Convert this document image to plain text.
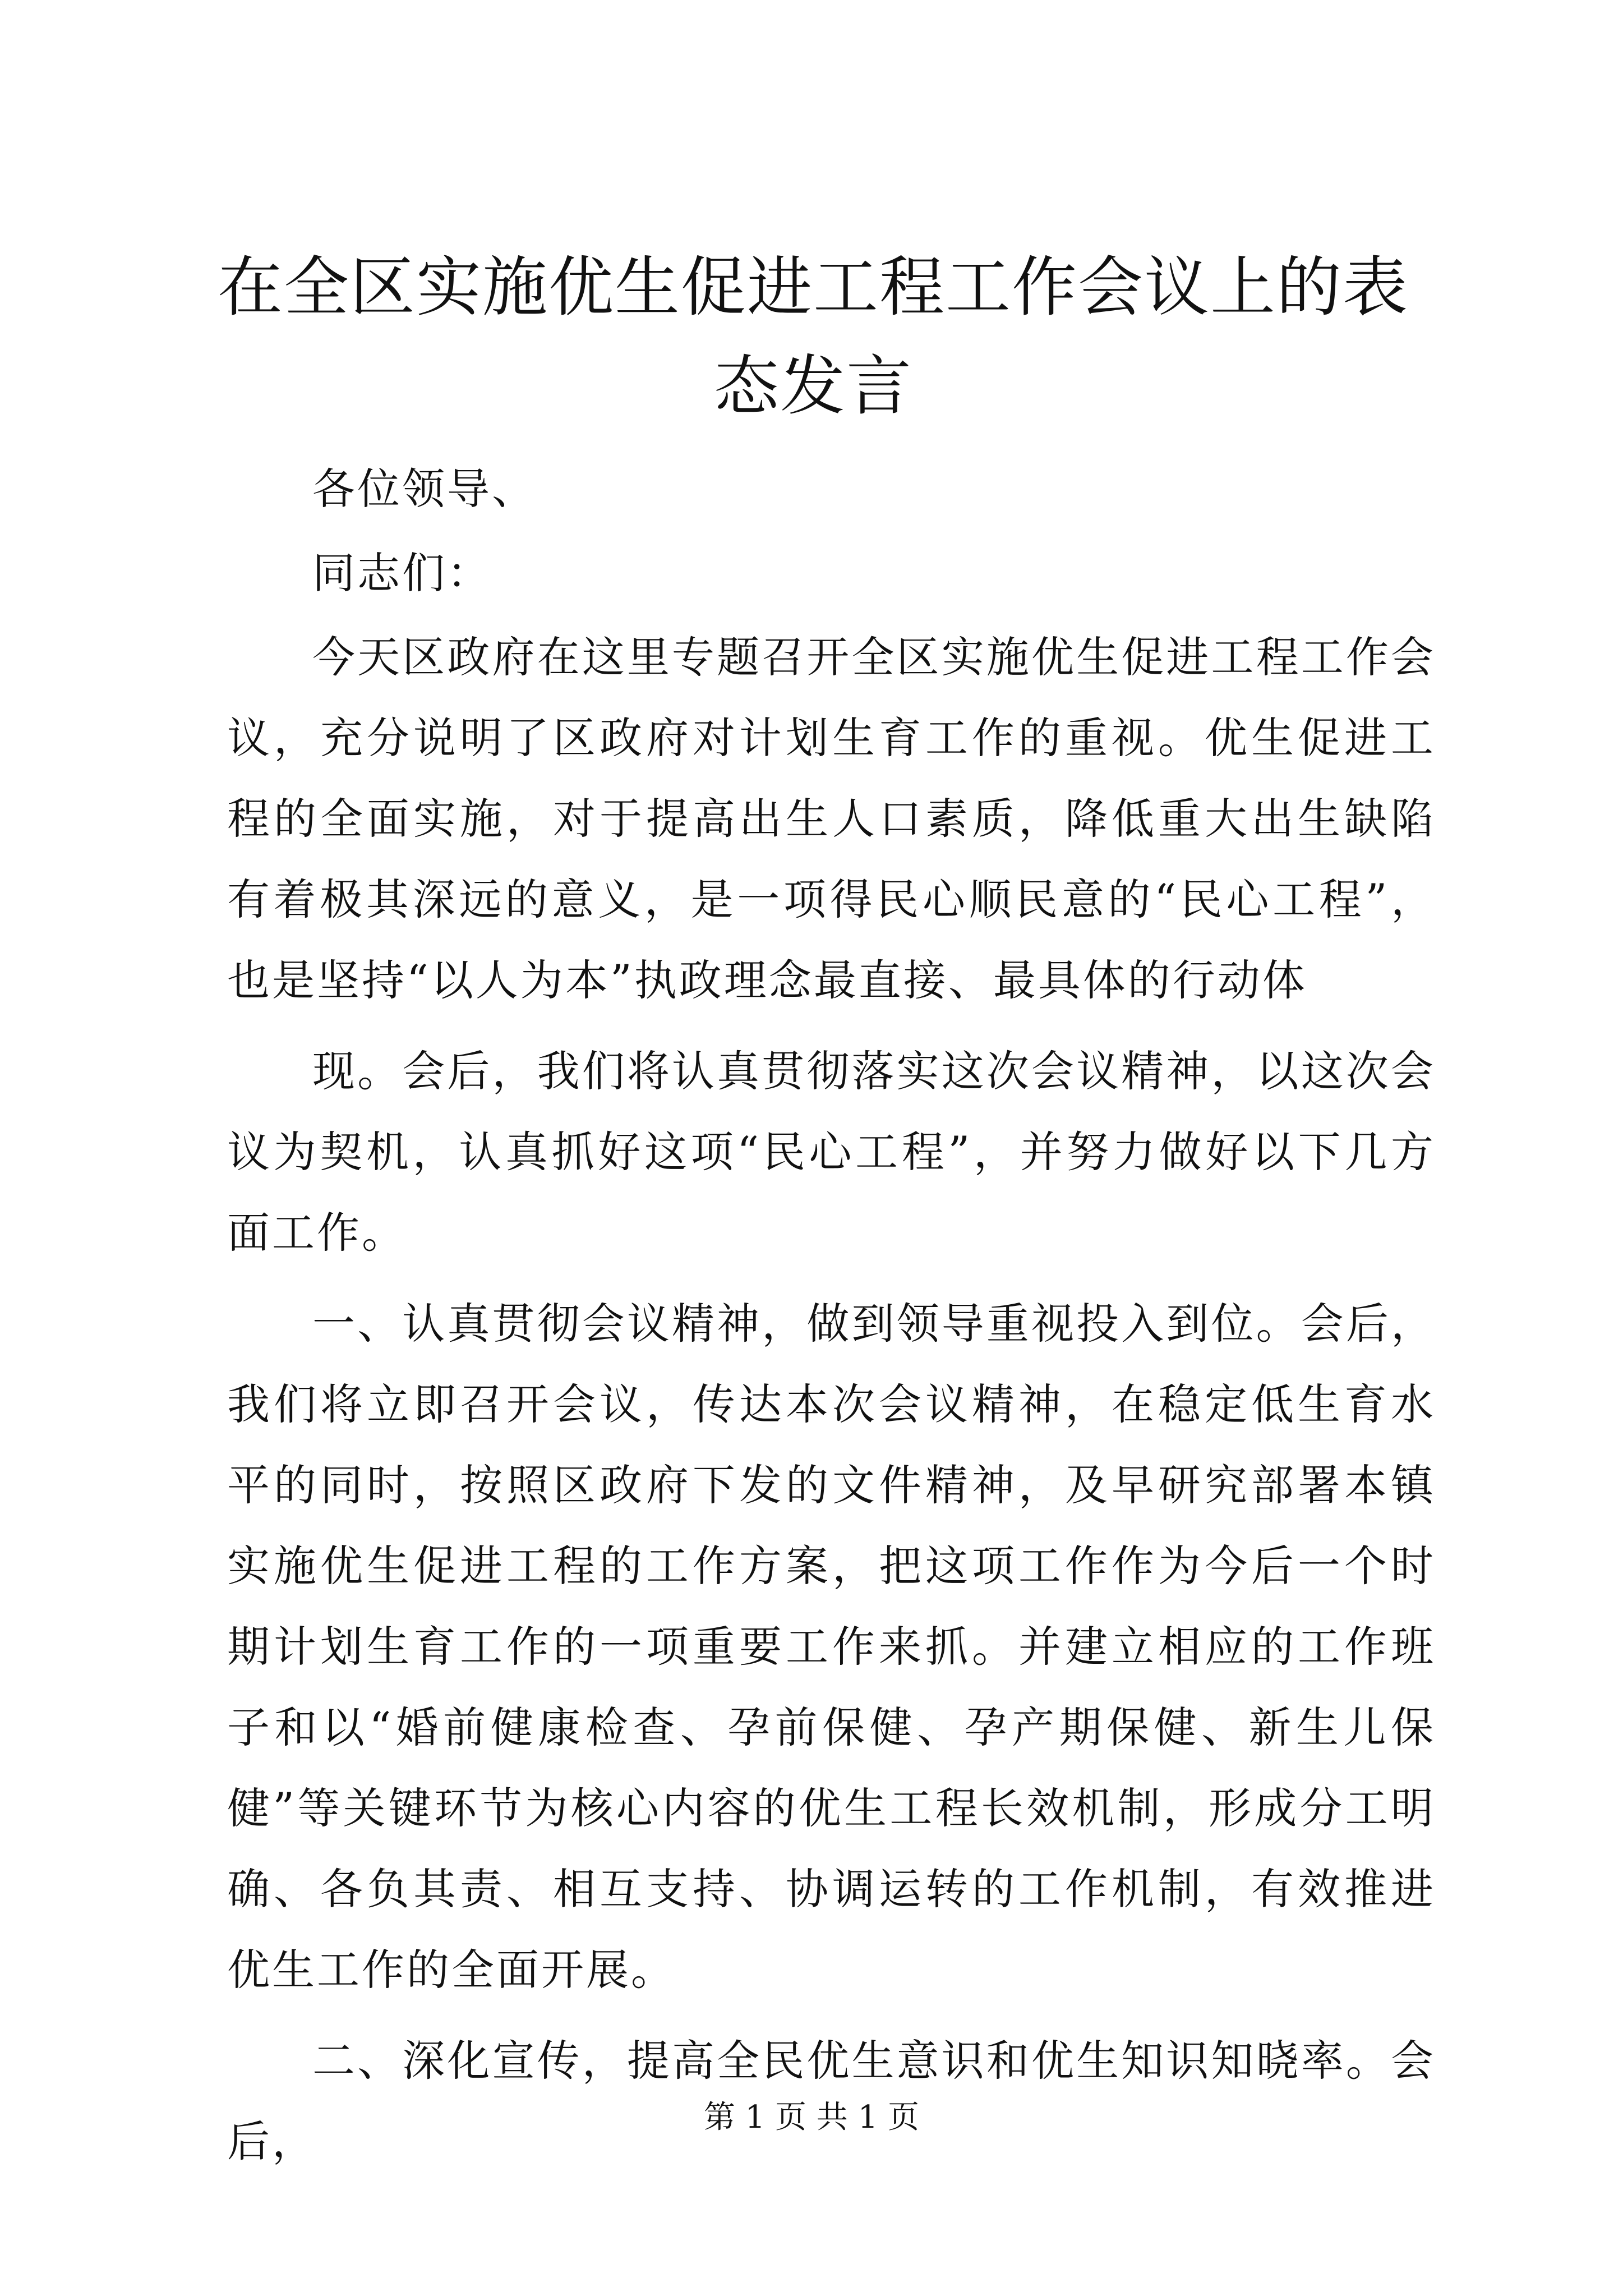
在全区实施优生促进工程工作会议上的表态发言

各位领导、

同志们：

今天区政府在这里专题召开全区实施优生促进工程工作会议，充分说明了区政府对计划生育工作的重视。优生促进工程的全面实施，对于提高出生人口素质，降低重大出生缺陷有着极其深远的意义，是一项得民心顺民意的“民心工程”，也是坚持“以人为本”执政理念最直接、最具体的行动体

现。会后，我们将认真贯彻落实这次会议精神，以这次会议为契机，认真抓好这项“民心工程”，并努力做好以下几方面工作。

一、认真贯彻会议精神，做到领导重视投入到位。会后，我们将立即召开会议，传达本次会议精神，在稳定低生育水平的同时，按照区政府下发的文件精神，及早研究部署本镇实施优生促进工程的工作方案，把这项工作作为今后一个时期计划生育工作的一项重要工作来抓。并建立相应的工作班子和以“婚前健康检查、孕前保健、孕产期保健、新生儿保健”等关键环节为核心内容的优生工程长效机制，形成分工明确、各负其责、相互支持、协调运转的工作机制，有效推进优生工作的全面开展。

二、深化宣传，提高全民优生意识和优生知识知晓率。会后，	第 1 页 共 1 页
